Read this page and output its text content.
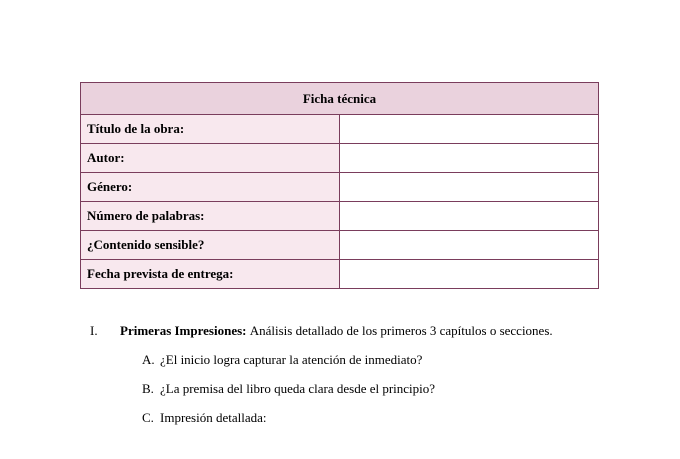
Ficha técnica	
Título de la obra:	
Autor:	
Género:	
Número de palabras:	
¿Contenido sensible?	
Fecha prevista de entrega:	
I.	Primeras Impresiones: Análisis detallado de los primeros 3 capítulos o secciones.
A. ¿El inicio logra capturar la atención de inmediato?
B. ¿La premisa del libro queda clara desde el principio?
C. Impresión detallada:
